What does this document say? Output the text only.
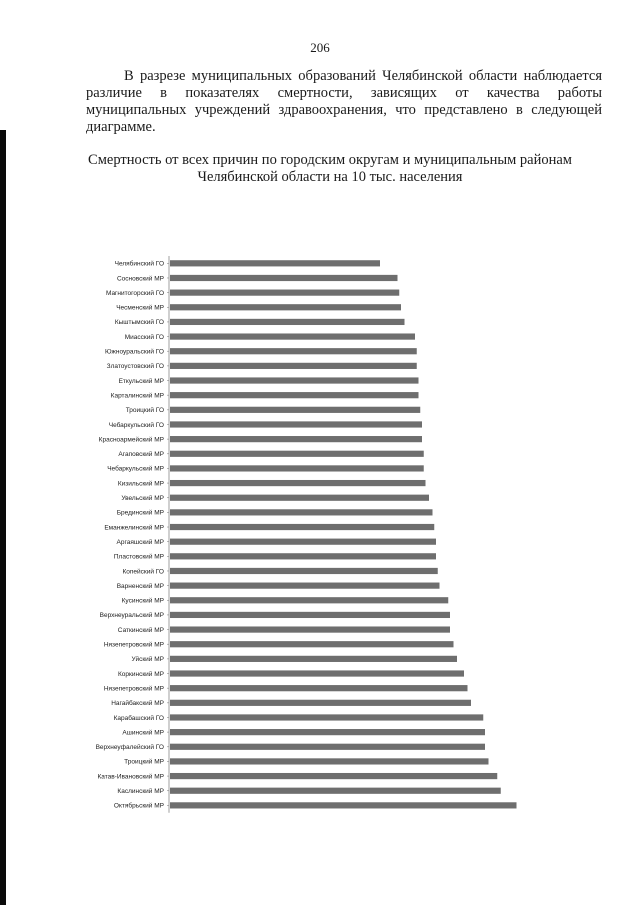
206

В разрезе муниципальных образований Челябинской области наблюдается различие в показателях смертности, зависящих от качества работы муниципальных учреждений здравоохранения, что представлено в следующей диаграмме.

Смертность от всех причин по городским округам и муниципальным районам Челябинской области на 10 тыс. населения
Челябинский ГО
Сосновский МР
Магнитогорский ГО
Чесменский МР
Кыштымский ГО
Миасский ГО
Южноуральский ГО
Златоустовский ГО
Еткульский МР
Карталинский МР
Троицкий ГО
Чебаркульский ГО
Красноармейский МР
Агаповский МР
Чебаркульский МР
Кизильский МР
Увельский МР
Брединский МР
Еманжелинский МР
Аргаяшский МР
Пластовский МР
Копейский ГО
Варненский МР
Кусинский МР
Верхнеуральский МР
Саткинский МР
Нязепетровский МР
Уйский МР
Коркинский МР
Нязепетровский МР
Нагайбакский МР
Карабашский ГО
Ашинский МР
Верхнеуфалейский ГО
Троицкий МР
Катав-Ивановский МР
Каслинский МР
Октябрьский МР
